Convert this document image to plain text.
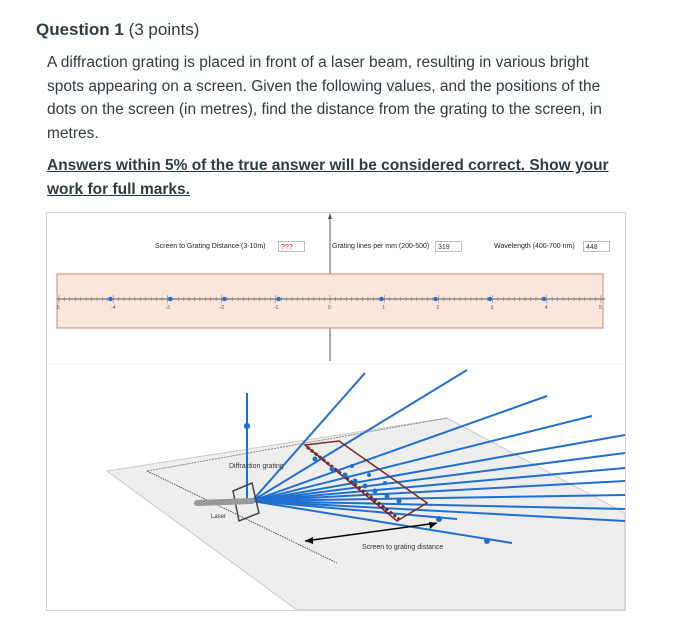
Question 1 (3 points)
A diffraction grating is placed in front of a laser beam, resulting in various bright spots appearing on a screen. Given the following values, and the positions of the dots on the screen (in metres), find the distance from the grating to the screen, in metres.
Answers within 5% of the true answer will be considered correct. Show your work for full marks.
Screen to Grating Distance (3-10m)	???	Grating lines per mm (200-500)	319	Wavelength (400-700 nm)	448
5	-4	-3	-2	-1	0	1	2	3	4	5
Diffraction grating
Laser
Screen to grating distance
